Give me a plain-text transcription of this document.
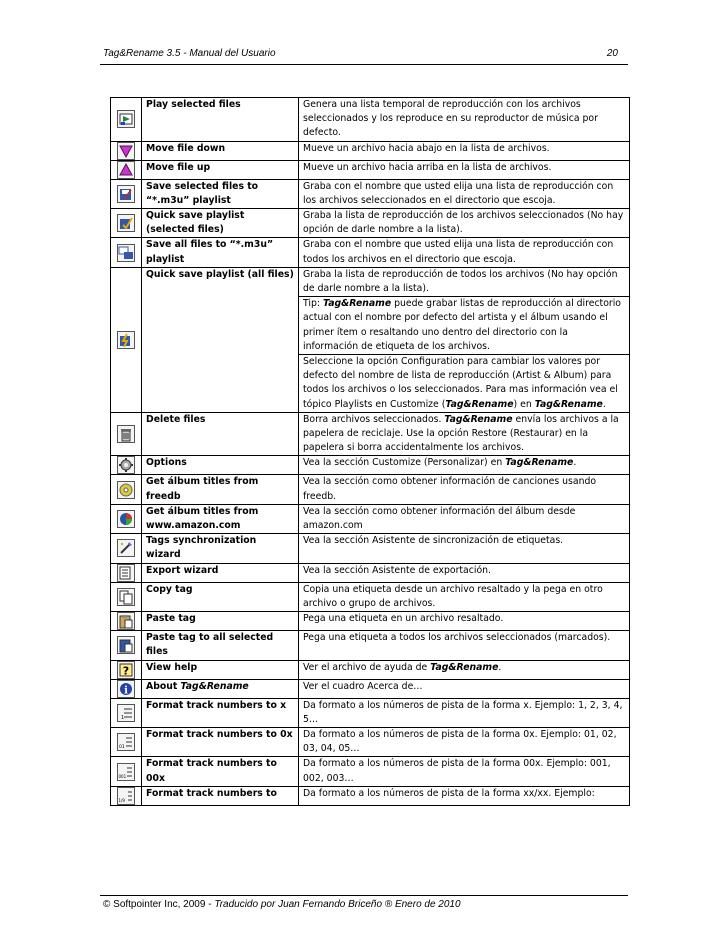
Tag&Rename 3.5 - Manual del Usuario	20
	Play selected files	Genera una lista temporal de reproducción con los archivos seleccionados y los reproduce en su reproductor de música por defecto.

	Move file down	Mueve un archivo hacia abajo en la lista de archivos.

	Move file up	Mueve un archivo hacia arriba en la lista de archivos.

	Save selected files to “*.m3u” playlist	Graba con el nombre que usted elija una lista de reproducción con los archivos seleccionados en el directorio que escoja.

	Quick save playlist (selected files)	Graba la lista de reproducción de los archivos seleccionados (No hay opción de darle nombre a la lista).

	Save all files to “*.m3u” playlist	Graba con el nombre que usted elija una lista de reproducción con todos los archivos en el directorio que escoja.

	Quick save playlist (all files)	Graba la lista de reproducción de todos los archivos (No hay opción de darle nombre a la lista).
Tip: Tag&Rename puede grabar listas de reproducción al directorio actual con el nombre por defecto del artista y el álbum usando el primer ítem o resaltando uno dentro del directorio con la información de etiqueta de los archivos.
Seleccione la opción Configuration para cambiar los valores por defecto del nombre de lista de reproducción (Artist & Album) para todos los archivos o los seleccionados. Para mas información vea el tópico Playlists en Customize (Tag&Rename) en Tag&Rename.

	Delete files	Borra archivos seleccionados. Tag&Rename envía los archivos a la papelera de reciclaje. Use la opción Restore (Restaurar) en la papelera si borra accidentalmente los archivos.

	Options	Vea la sección Customize (Personalizar) en Tag&Rename.

	Get álbum titles from freedb	Vea la sección como obtener información de canciones usando freedb.

	Get álbum titles from www.amazon.com	Vea la sección como obtener información del álbum desde amazon.com

	Tags synchronization wizard	Vea la sección Asistente de sincronización de etiquetas.

	Export wizard	Vea la sección Asistente de exportación.

	Copy tag	Copia una etiqueta desde un archivo resaltado y la pega en otro archivo o grupo de archivos.

	Paste tag	Pega una etiqueta en un archivo resaltado.

	Paste tag to all selected files	Pega una etiqueta a todos los archivos seleccionados (marcados).

?	View help	Ver el archivo de ayuda de Tag&Rename.

i	About Tag&Rename	Ver el cuadro Acerca de…

1	Format track numbers to x	Da formato a los números de pista de la forma x. Ejemplo: 1, 2, 3, 4, 5…

01	Format track numbers to 0x	Da formato a los números de pista de la forma 0x. Ejemplo: 01, 02, 03, 04, 05…

001	Format track numbers to 00x	Da formato a los números de pista de la forma 00x. Ejemplo: 001, 002, 003…

1/9	Format track numbers to	Da formato a los números de pista de la forma xx/xx. Ejemplo:
© Softpointer Inc, 2009 - Traducido por Juan Fernando Briceño ® Enero de 2010
